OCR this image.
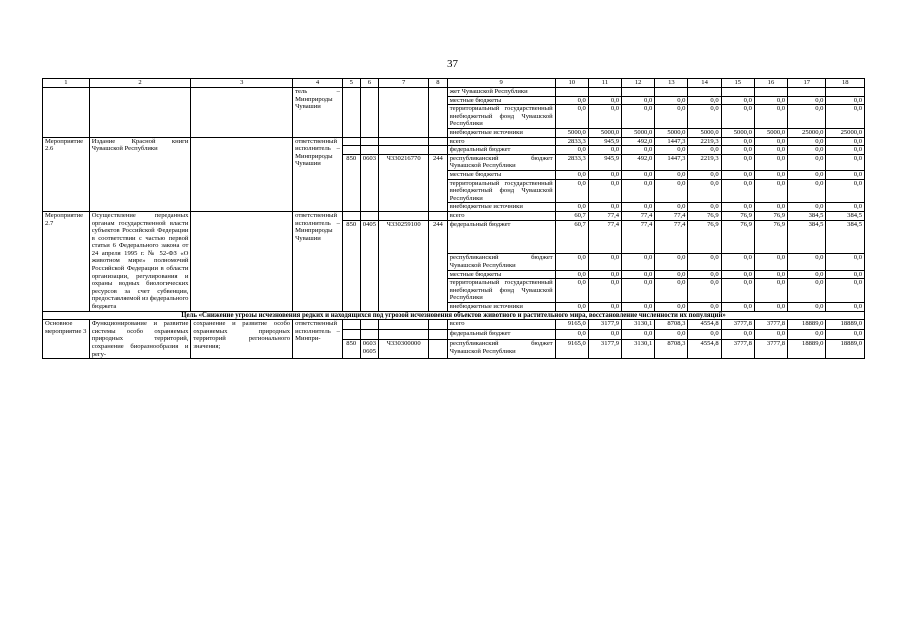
37
1	2	3	4	5	6	7	8	9	10	11	12	13	14	15	16	17	18
			тель – Минприроды Чувашии					жет Чувашской Республики									
								местные бюджеты	0,0	0,0	0,0	0,0	0,0	0,0	0,0	0,0	0,0
								территориальный государственный внебюджетный фонд Чувашской Республики	0,0	0,0	0,0	0,0	0,0	0,0	0,0	0,0	0,0
								внебюджетные источники	5000,0	5000,0	5000,0	5000,0	5000,0	5000,0	5000,0	25000,0	25000,0
Мероприятие 2.6	Издание Красной книги Чувашской Республики		ответственный исполнитель – Минприроды Чувашии					всего	2833,3	945,9	492,0	1447,3	2219,3	0,0	0,0	0,0	0,0
								федеральный бюджет	0,0	0,0	0,0	0,0	0,0	0,0	0,0	0,0	0,0
				850	0603	Ч330216770	244	республиканский бюджет Чувашской Республики	2833,3	945,9	492,0	1447,3	2219,3	0,0	0,0	0,0	0,0
								местные бюджеты	0,0	0,0	0,0	0,0	0,0	0,0	0,0	0,0	0,0
								территориальный государственный внебюджетный фонд Чувашской Республики	0,0	0,0	0,0	0,0	0,0	0,0	0,0	0,0	0,0
								внебюджетные источники	0,0	0,0	0,0	0,0	0,0	0,0	0,0	0,0	0,0
Мероприятие 2.7	Осуществление переданных органам государственной власти субъектов Российской Федерации в соответствии с частью первой статьи 6 Федерального закона от 24 апреля 1995 г. № 52-ФЗ «О животном мире» полномочий Российской Федерации в области организации, регулирования и охраны водных биологических ресурсов за счет субвенции, предоставляемой из федерального бюджета		ответственный исполнитель – Минприроды Чувашии					всего	60,7	77,4	77,4	77,4	76,9	76,9	76,9	384,5	384,5
				850	0405	Ч330259100	244	федеральный бюджет	60,7	77,4	77,4	77,4	76,9	76,9	76,9	384,5	384,5
								республиканский бюджет Чувашской Республики	0,0	0,0	0,0	0,0	0,0	0,0	0,0	0,0	0,0
								местные бюджеты	0,0	0,0	0,0	0,0	0,0	0,0	0,0	0,0	0,0
								территориальный государственный внебюджетный фонд Чувашской Республики	0,0	0,0	0,0	0,0	0,0	0,0	0,0	0,0	0,0
								внебюджетные источники	0,0	0,0	0,0	0,0	0,0	0,0	0,0	0,0	0,0
Цель «Снижение угрозы исчезновения редких и находящихся под угрозой исчезновения объектов животного и растительного мира, восстановление численности их популяций»																	
Основное мероприятие 3	Функционирование и развитие системы особо охраняемых природных территорий, сохранение биоразнообразия и регу-	сохранение и развитие особо охраняемых природных территорий регионального значения;	ответственный исполнитель – Минпри-					всего	9165,0	3177,9	3130,1	8708,3	4554,8	3777,8	3777,8	18889,0	18889,0
								федеральный бюджет	0,0	0,0	0,0	0,0	0,0	0,0	0,0	0,0	0,0
				850	0603 0605	Ч330300000		республиканский бюджет Чувашской Республики	9165,0	3177,9	3130,1	8708,3	4554,8	3777,8	3777,8	18889,0	18889,0
